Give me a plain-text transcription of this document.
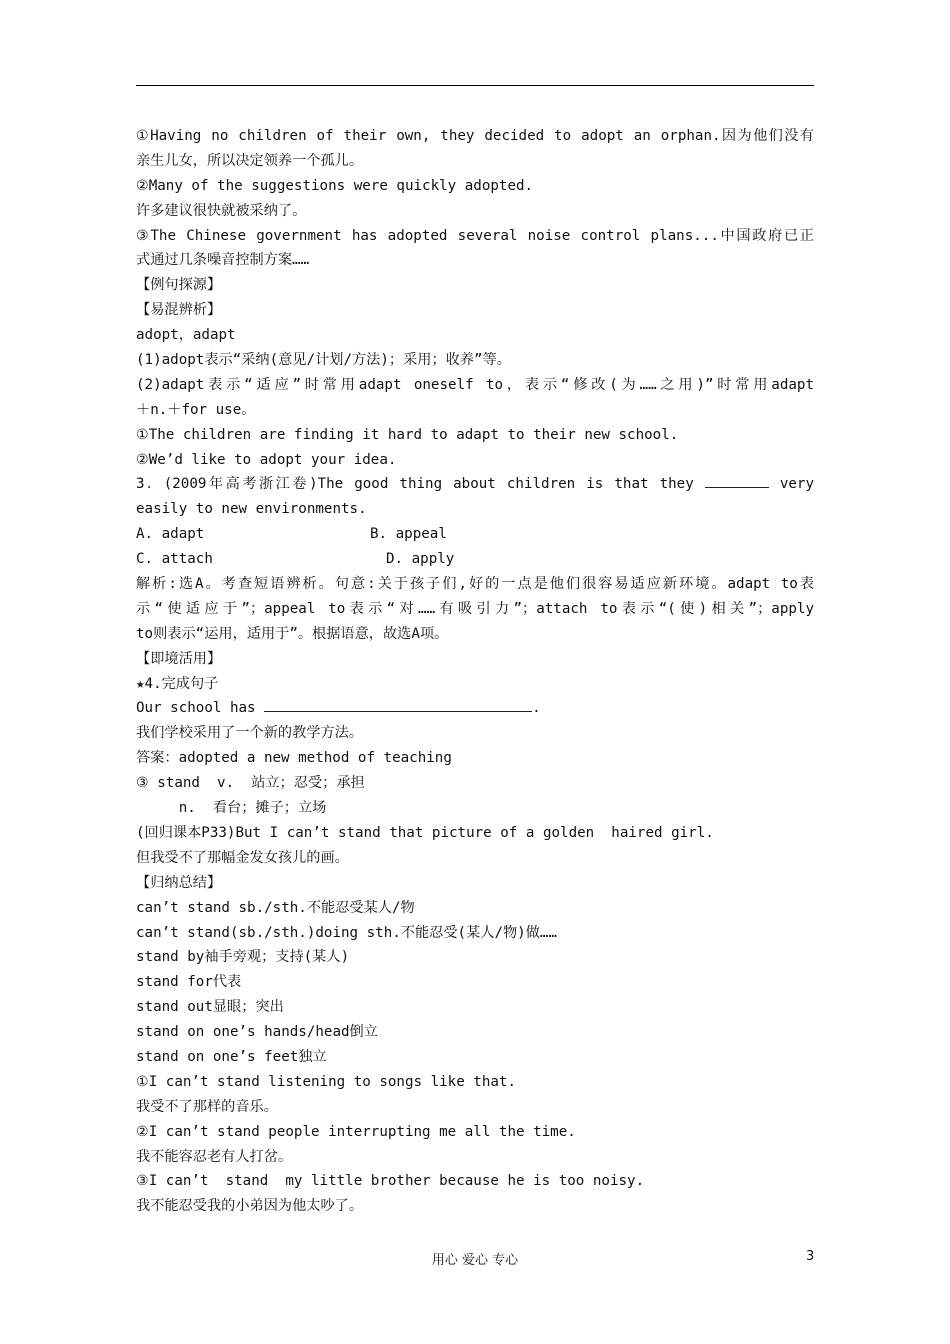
①Having no children of their own, they decided to adopt an orphan.因为他们没有
亲生儿女，所以决定领养一个孤儿。
②Many of the suggestions were quickly adopted.
许多建议很快就被采纳了。
③The Chinese government has adopted several noise control plans...中国政府已正
式通过几条噪音控制方案……
【例句探源】
【易混辨析】
adopt，adapt
(1)adopt表示“采纳(意见/计划/方法)；采用；收养”等。
(2)adapt表示“适应”时常用adapt oneself to，表示“修改(为……之用)”时常用adapt
＋n.＋for use。
①The children are finding it hard to adapt to their new school.
②We’d like to adopt your idea.
3．(2009年高考浙江卷)The good thing about children is that they	very
easily to new environments.
A. adapt	B. appeal
C. attach	D. apply
解析:选A。考查短语辨析。句意:关于孩子们,好的一点是他们很容易适应新环境。adapt to表
示“使适应于”；appeal to表示“对……有吸引力”；attach to表示“(使)相关”；apply
to则表示“运用，适用于”。根据语意，故选A项。
【即境活用】
★4.完成句子
Our school has	.
我们学校采用了一个新的教学方法。
答案：adopted a new method of teaching
③ stand  v.  站立；忍受；承担
n.  看台；摊子；立场
(回归课本P33)But I can’t stand that picture of a golden  haired girl.
但我受不了那幅金发女孩儿的画。
【归纳总结】
can’t stand sb./sth.不能忍受某人/物
can’t stand(sb./sth.)doing sth.不能忍受(某人/物)做……
stand by袖手旁观；支持(某人)
stand for代表
stand out显眼；突出
stand on one’s hands/head倒立
stand on one’s feet独立
①I can’t stand listening to songs like that.
我受不了那样的音乐。
②I can’t stand people interrupting me all the time.
我不能容忍老有人打岔。
③I can’t  stand  my little brother because he is too noisy.
我不能忍受我的小弟因为他太吵了。
用心 爱心 专心	3
